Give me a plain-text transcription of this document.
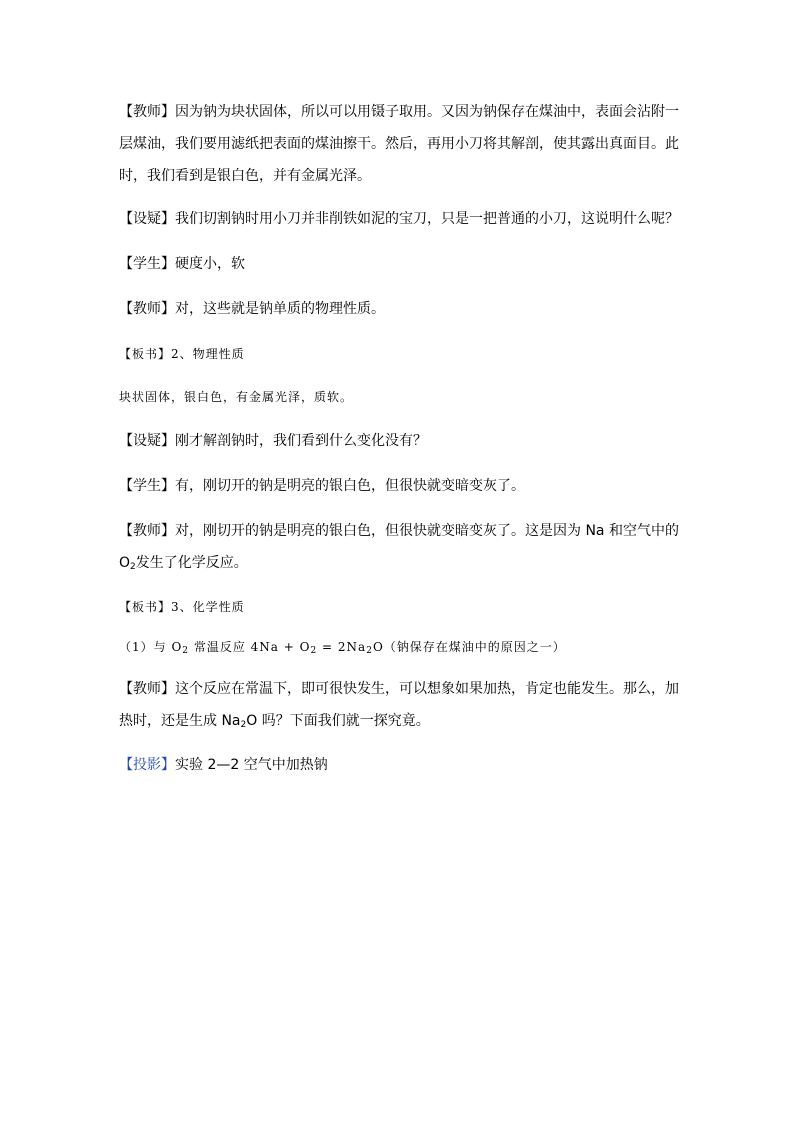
【教师】因为钠为块状固体，所以可以用镊子取用。又因为钠保存在煤油中，表面会沾附一层煤油，我们要用滤纸把表面的煤油擦干。然后，再用小刀将其解剖，使其露出真面目。此时，我们看到是银白色，并有金属光泽。

【设疑】我们切割钠时用小刀并非削铁如泥的宝刀，只是一把普通的小刀，这说明什么呢？

【学生】硬度小，软

【教师】对，这些就是钠单质的物理性质。

【板书】2、物理性质

块状固体，银白色，有金属光泽，质软。

【设疑】刚才解剖钠时，我们看到什么变化没有？

【学生】有，刚切开的钠是明亮的银白色，但很快就变暗变灰了。

【教师】对，刚切开的钠是明亮的银白色，但很快就变暗变灰了。这是因为 Na 和空气中的 $O_2$发生了化学反应。

【板书】3、化学性质

（1）与 $O_2$ 常温反应 $4Na + O_2 = 2Na_2O$（钠保存在煤油中的原因之一）

【教师】这个反应在常温下，即可很快发生，可以想象如果加热，肯定也能发生。那么，加热时，还是生成 $Na_2O$ 吗？下面我们就一探究竟。

【投影】实验 2—2 空气中加热钠
